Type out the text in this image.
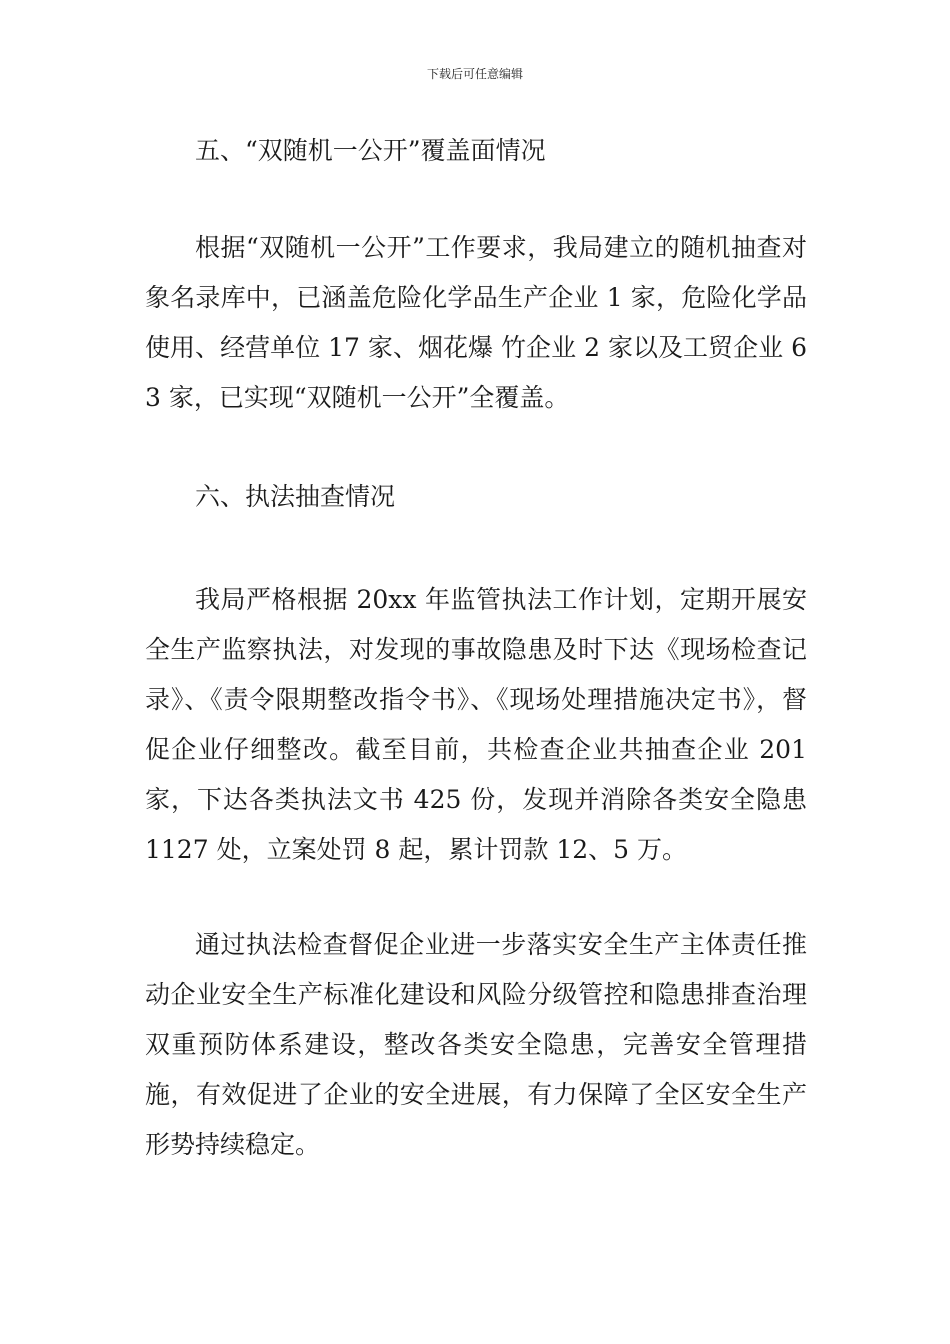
下载后可任意编辑
五、“双随机一公开”覆盖面情况
根据“双随机一公开”工作要求，我局建立的随机抽查对象名录库中，已涵盖危险化学品生产企业 1 家，危险化学品使用、经营单位 17 家、烟花爆 竹企业 2 家以及工贸企业 63 家，已实现“双随机一公开”全覆盖。
六、执法抽查情况
我局严格根据 20xx 年监管执法工作计划，定期开展安全生产监察执法，对发现的事故隐患及时下达《现场检查记录》、《责令限期整改指令书》、《现场处理措施决定书》，督促企业仔细整改。截至目前，共检查企业共抽查企业 201 家，下达各类执法文书 425 份，发现并消除各类安全隐患 1127 处，立案处罚 8 起，累计罚款 12、5 万。
通过执法检查督促企业进一步落实安全生产主体责任推动企业安全生产标准化建设和风险分级管控和隐患排查治理双重预防体系建设，整改各类安全隐患，完善安全管理措施，有效促进了企业的安全进展，有力保障了全区安全生产形势持续稳定。
